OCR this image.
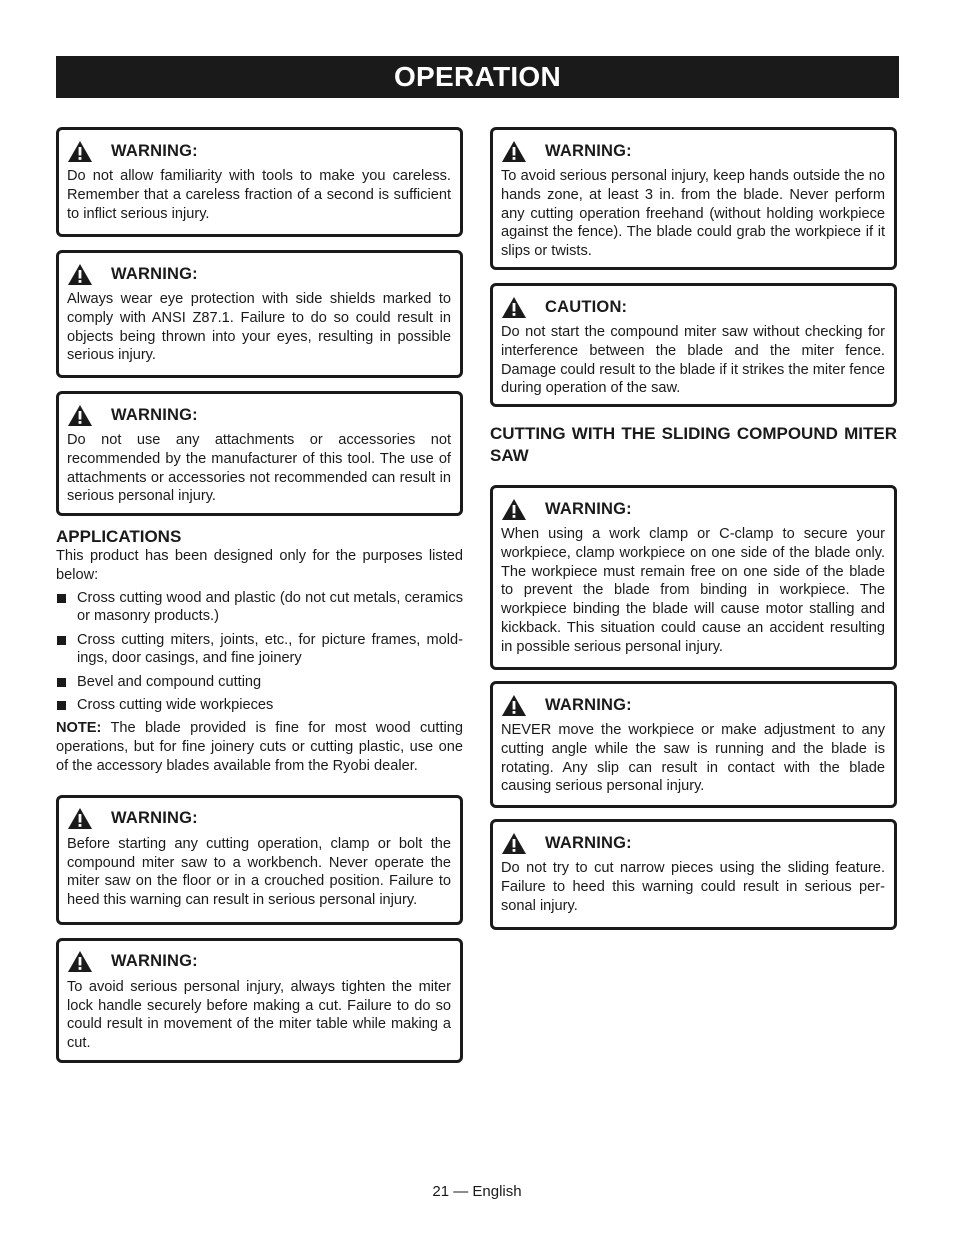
OPERATION
WARNING:
Do not allow familiarity with tools to make you careless. Remember that a careless fraction of a second is sufficient to inflict serious injury.
WARNING:
Always wear eye protection with side shields marked to comply with ANSI Z87.1. Failure to do so could result in objects being thrown into your eyes, resulting in possible serious injury.
WARNING:
Do not use any attachments or accessories not recommended by the manufacturer of this tool. The use of attachments or accessories not recommended can result in serious personal injury.
APPLICATIONS
This product has been designed only for the purposes listed below:
Cross cutting wood and plastic (do not cut metals, ceramics or masonry products.)
Cross cutting miters, joints, etc., for picture frames, moldings, door casings, and fine joinery
Bevel and compound cutting
Cross cutting wide workpieces
NOTE: The blade provided is fine for most wood cutting operations, but for fine joinery cuts or cutting plastic, use one of the accessory blades available from the Ryobi dealer.
WARNING:
Before starting any cutting operation, clamp or bolt the compound miter saw to a workbench. Never operate the miter saw on the floor or in a crouched position. Failure to heed this warning can result in serious personal injury.
WARNING:
To avoid serious personal injury, always tighten the miter lock handle securely before making a cut. Failure to do so could result in movement of the miter table while making a cut.
WARNING:
To avoid serious personal injury, keep hands outside the no hands zone, at least 3 in. from the blade. Never perform any cutting operation freehand (without holding workpiece against the fence). The blade could grab the workpiece if it slips or twists.
CAUTION:
Do not start the compound miter saw without checking for interference between the blade and the miter fence. Damage could result to the blade if it strikes the miter fence during operation of the saw.
CUTTING WITH THE SLIDING COMPOUND MITER SAW
WARNING:
When using a work clamp or C-clamp to secure your workpiece, clamp workpiece on one side of the blade only. The workpiece must remain free on one side of the blade to prevent the blade from binding in workpiece. The workpiece binding the blade will cause motor stalling and kickback. This situation could cause an accident resulting in possible serious personal injury.
WARNING:
NEVER move the workpiece or make adjustment to any cutting angle while the saw is running and the blade is rotating. Any slip can result in contact with the blade causing serious personal injury.
WARNING:
Do not try to cut narrow pieces using the sliding feature. Failure to heed this warning could result in serious personal injury.
21 — English
